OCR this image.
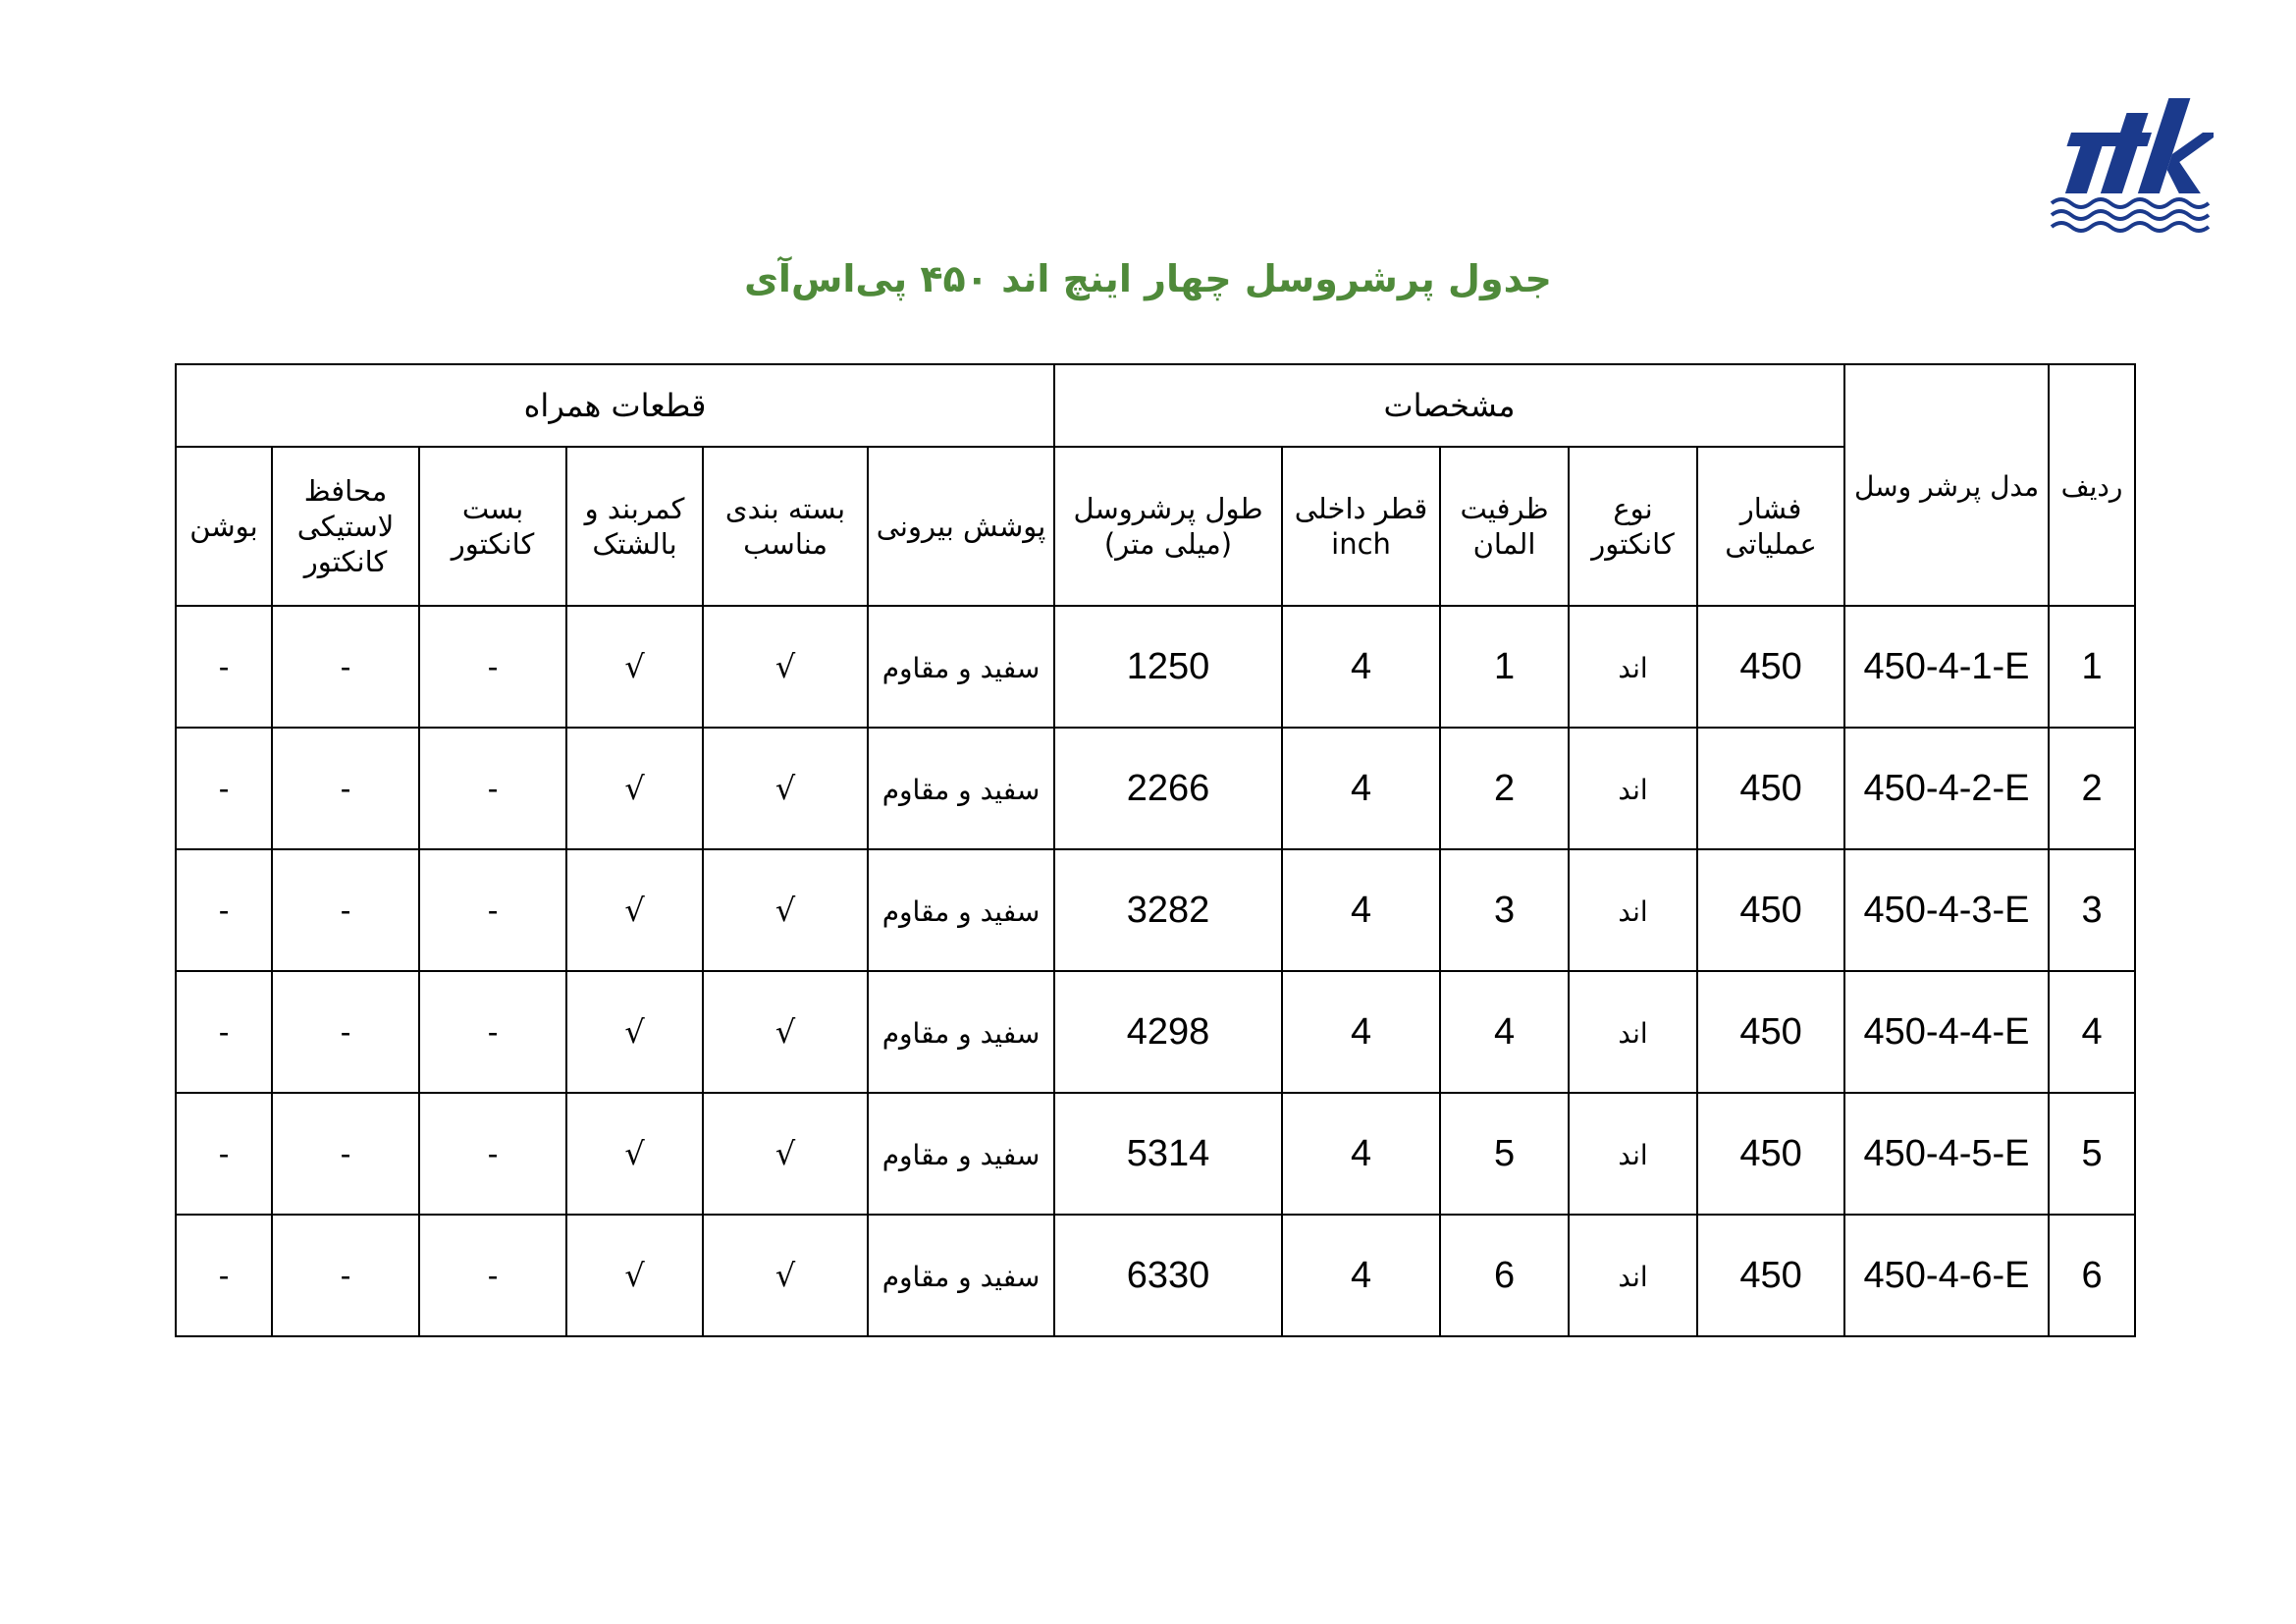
جدول پرشروسل چهار اینچ اند ۴۵۰ پی‌اس‌آی
ردیف	مدل پرشر وسل	مشخصات					قطعات همراه					
		فشار عملیاتی	نوع کانکتور	ظرفیت المان	قطر داخلی inch	طول پرشروسل (میلی متر)	پوشش بیرونی	بسته بندی مناسب	کمربند و بالشتک	بست کانکتور	محافظ لاستیکی کانکتور	بوشن
1	450-4-1-E	450	اند	1	4	1250	سفید و مقاوم	√	√	-	-	-
2	450-4-2-E	450	اند	2	4	2266	سفید و مقاوم	√	√	-	-	-
3	450-4-3-E	450	اند	3	4	3282	سفید و مقاوم	√	√	-	-	-
4	450-4-4-E	450	اند	4	4	4298	سفید و مقاوم	√	√	-	-	-
5	450-4-5-E	450	اند	5	4	5314	سفید و مقاوم	√	√	-	-	-
6	450-4-6-E	450	اند	6	4	6330	سفید و مقاوم	√	√	-	-	-
